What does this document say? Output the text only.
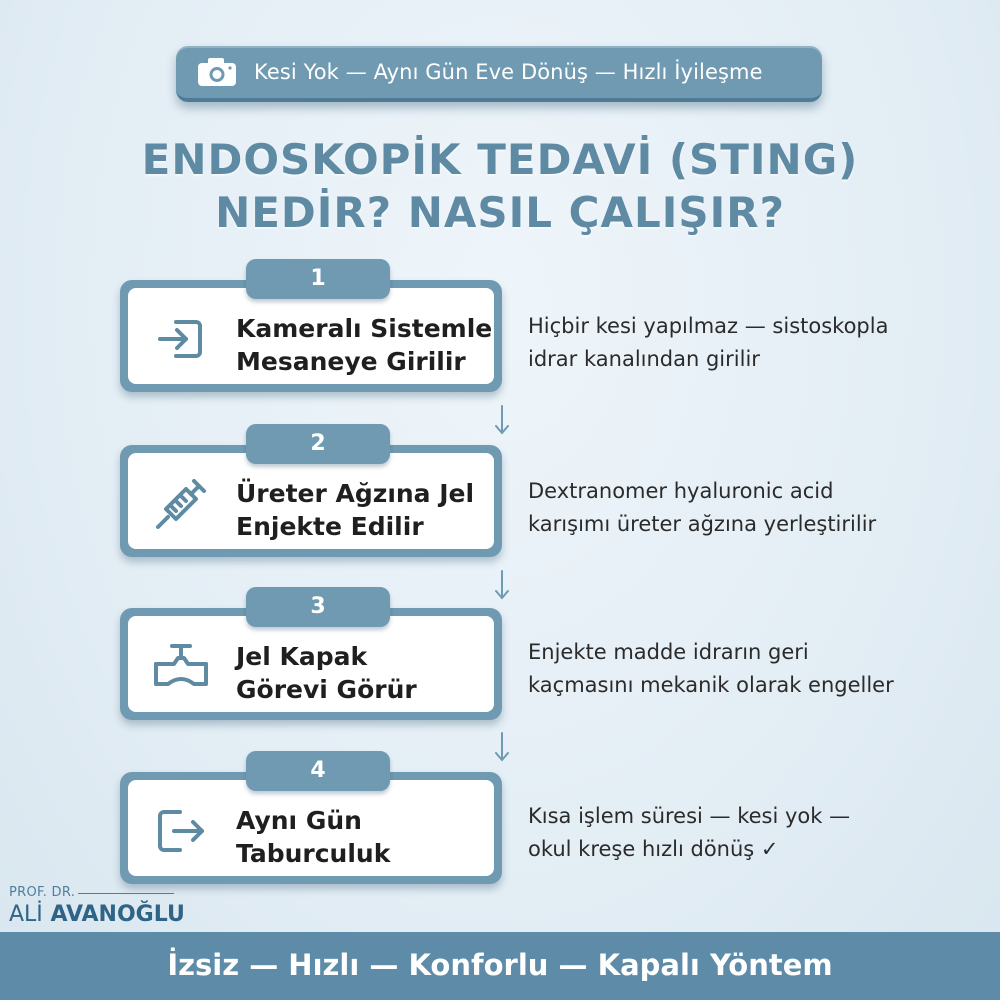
Kesi Yok — Aynı Gün Eve Dönüş — Hızlı İyileşme
ENDOSKOPİK TEDAVİ (STING)
NEDİR? NASIL ÇALIŞIR?
Kameralı Sistemle
Mesaneye Girilir
1
Hiçbir kesi yapılmaz — sistoskopla
idrar kanalından girilir
Üreter Ağzına Jel
Enjekte Edilir
2
Dextranomer hyaluronic acid
karışımı üreter ağzına yerleştirilir
Jel Kapak
Görevi Görür
3
Enjekte madde idrarın geri
kaçmasını mekanik olarak engeller
Aynı Gün
Taburculuk
4
Kısa işlem süresi — kesi yok —
okul kreşe hızlı dönüş ✓
PROF. DR.
ALİ AVANOĞLU
İzsiz — Hızlı — Konforlu — Kapalı Yöntem
